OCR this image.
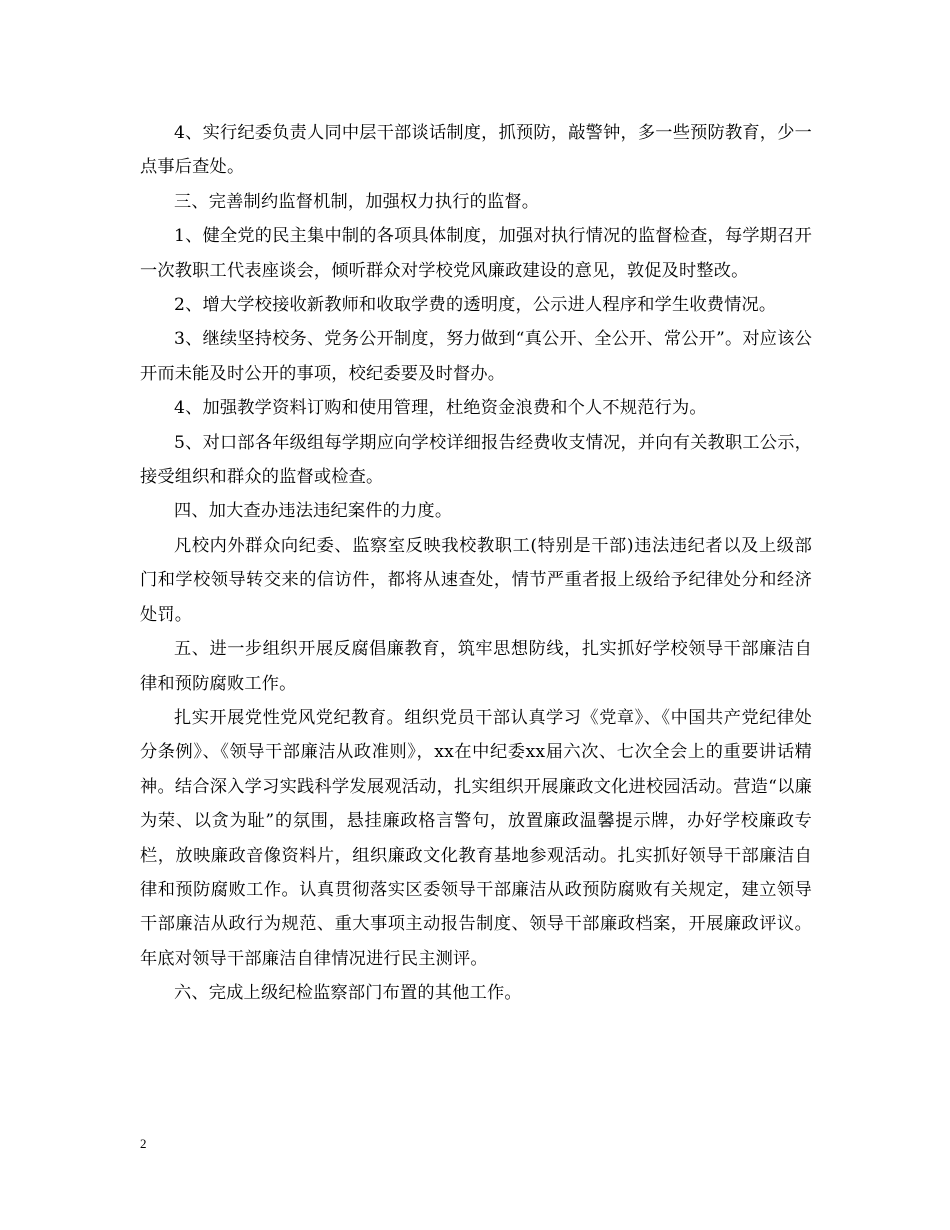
4、实行纪委负责人同中层干部谈话制度，抓预防，敲警钟，多一些预防教育，少一点事后查处。

三、完善制约监督机制，加强权力执行的监督。

1、健全党的民主集中制的各项具体制度，加强对执行情况的监督检查，每学期召开一次教职工代表座谈会，倾听群众对学校党风廉政建设的意见，敦促及时整改。

2、增大学校接收新教师和收取学费的透明度，公示进人程序和学生收费情况。

3、继续坚持校务、党务公开制度，努力做到“真公开、全公开、常公开”。对应该公开而未能及时公开的事项，校纪委要及时督办。

4、加强教学资料订购和使用管理，杜绝资金浪费和个人不规范行为。

5、对口部各年级组每学期应向学校详细报告经费收支情况，并向有关教职工公示，接受组织和群众的监督或检查。

四、加大查办违法违纪案件的力度。

凡校内外群众向纪委、监察室反映我校教职工(特别是干部)违法违纪者以及上级部门和学校领导转交来的信访件，都将从速查处，情节严重者报上级给予纪律处分和经济处罚。

五、进一步组织开展反腐倡廉教育，筑牢思想防线，扎实抓好学校领导干部廉洁自律和预防腐败工作。

扎实开展党性党风党纪教育。组织党员干部认真学习《党章》、《中国共产党纪律处分条例》、《领导干部廉洁从政准则》，xx在中纪委xx届六次、七次全会上的重要讲话精神。结合深入学习实践科学发展观活动，扎实组织开展廉政文化进校园活动。营造“以廉为荣、以贪为耻”的氛围，悬挂廉政格言警句，放置廉政温馨提示牌，办好学校廉政专栏，放映廉政音像资料片，组织廉政文化教育基地参观活动。扎实抓好领导干部廉洁自律和预防腐败工作。认真贯彻落实区委领导干部廉洁从政预防腐败有关规定，建立领导干部廉洁从政行为规范、重大事项主动报告制度、领导干部廉政档案，开展廉政评议。年底对领导干部廉洁自律情况进行民主测评。

六、完成上级纪检监察部门布置的其他工作。

2
